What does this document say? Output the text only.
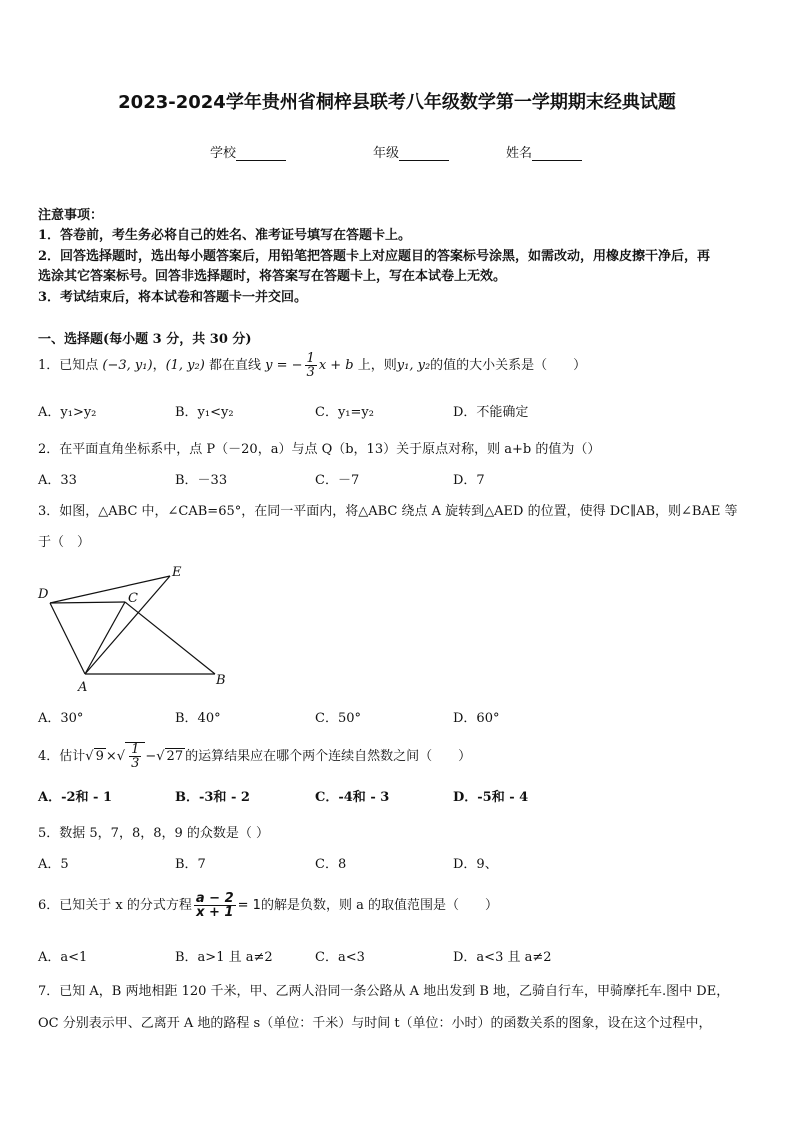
2023-2024学年贵州省桐梓县联考八年级数学第一学期期末经典试题
学校	年级	姓名
注意事项：
1．答卷前，考生务必将自己的姓名、准考证号填写在答题卡上。
2．回答选择题时，选出每小题答案后，用铅笔把答题卡上对应题目的答案标号涂黑，如需改动，用橡皮擦干净后，再
选涂其它答案标号。回答非选择题时，将答案写在答题卡上，写在本试卷上无效。
3．考试结束后，将本试卷和答题卡一并交回。
一、选择题(每小题 3 分，共 30 分)
1．已知点 (−3, y₁)，(1, y₂) 都在直线 y = − $\frac{1}{3}$ x + b 上，则y₁, y₂的值的大小关系是（　　）
A．y₁>y₂	B．y₁<y₂	C．y₁=y₂	D．不能确定
2．在平面直角坐标系中，点 P（－20，a）与点 Q（b，13）关于原点对称，则 a+b 的值为（）
A．33	B．－33	C．－7	D．7
3．如图，△ABC 中，∠CAB=65°，在同一平面内，将△ABC 绕点 A 旋转到△AED 的位置，使得 DC∥AB，则∠BAE 等
于（　）
D	C
E
A	B
A．30°	B．40°	C．50°	D．60°
4．估计√ 9 ×√ $\frac{1}{3}$ −√ 27 的运算结果应在哪个两个连续自然数之间（　　）
A．-2和 - 1	B．-3和 - 2	C．-4和 - 3	D．-5和 - 4
5．数据 5，7，8，8，9 的众数是（ ）
A．5	B．7	C．8	D．9、
6．已知关于 x 的分式方程 $\frac{a - 2}{x + 1} = 1$的解是负数，则 a 的取值范围是（　　）
A．a<1	B．a>1 且 a≠2	C．a<3	D．a<3 且 a≠2
7．已知 A，B 两地相距 120 千米，甲、乙两人沿同一条公路从 A 地出发到 B 地，乙骑自行车，甲骑摩托车.图中 DE，
OC 分别表示甲、乙离开 A 地的路程 s（单位：千米）与时间 t（单位：小时）的函数关系的图象，设在这个过程中，
